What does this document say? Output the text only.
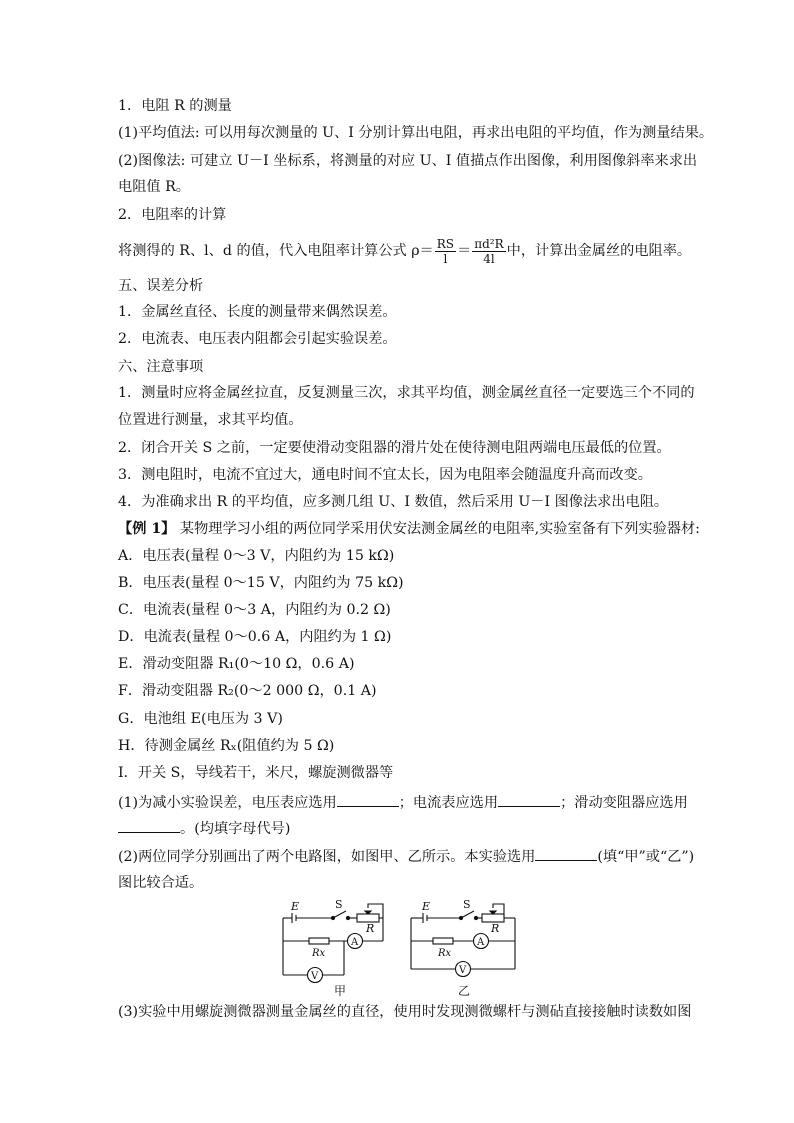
1．电阻 R 的测量
(1)平均值法: 可以用每次测量的 U、I 分别计算出电阻，再求出电阻的平均值，作为测量结果。
(2)图像法: 可建立 U－I 坐标系，将测量的对应 U、I 值描点作出图像，利用图像斜率来求出
电阻值 R。
2．电阻率的计算
将测得的 R、l、d 的值，代入电阻率计算公式 $\rho= \frac{RS}{l} = \frac{\text{πd²R}}{4l}$ 中，计算出金属丝的电阻率。
五、误差分析
1．金属丝直径、长度的测量带来偶然误差。
2．电流表、电压表内阻都会引起实验误差。
六、注意事项
1．测量时应将金属丝拉直，反复测量三次，求其平均值，测金属丝直径一定要选三个不同的
位置进行测量，求其平均值。
2．闭合开关 S 之前，一定要使滑动变阻器的滑片处在使待测电阻两端电压最低的位置。
3．测电阻时，电流不宜过大，通电时间不宜太长，因为电阻率会随温度升高而改变。
4．为准确求出 R 的平均值，应多测几组 U、I 数值，然后采用 U－I 图像法求出电阻。
【例 1】 某物理学习小组的两位同学采用伏安法测金属丝的电阻率,实验室备有下列实验器材:
A．电压表(量程 0～3 V，内阻约为 15 kΩ)
B．电压表(量程 0～15 V，内阻约为 75 kΩ)
C．电流表(量程 0～3 A，内阻约为 0.2 Ω)
D．电流表(量程 0～0.6 A，内阻约为 1 Ω)
E．滑动变阻器 R₁(0～10 Ω，0.6 A)
F．滑动变阻器 R₂(0～2 000 Ω，0.1 A)
G．电池组 E(电压为 3 V)
H．待测金属丝 Rₓ(阻值约为 5 Ω)
I．开关 S，导线若干，米尺，螺旋测微器等
(1)为减小实验误差，电压表应选用	；电流表应选用	；滑动变阻器应选用
。(均填字母代号)
(2)两位同学分别画出了两个电路图，如图甲、乙所示。本实验选用	(填“甲”或“乙”)
图比较合适。
E	S
R
Rx
A
V
甲
E	S
R
Rx
A
V
乙
(3)实验中用螺旋测微器测量金属丝的直径，使用时发现测微螺杆与测砧直接接触时读数如图
